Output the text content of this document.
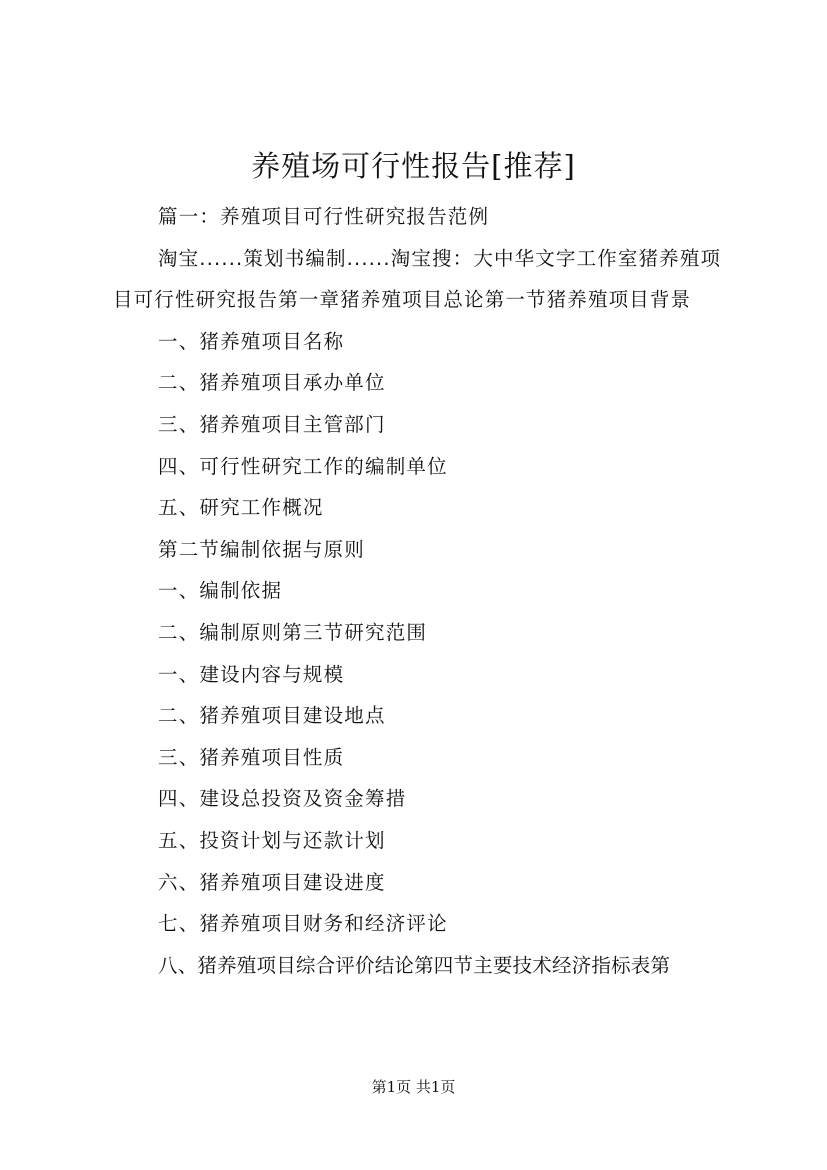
养殖场可行性报告[推荐]

篇一：养殖项目可行性研究报告范例

淘宝......策划书编制......淘宝搜：大中华文字工作室猪养殖项目可行性研究报告第一章猪养殖项目总论第一节猪养殖项目背景

一、猪养殖项目名称

二、猪养殖项目承办单位

三、猪养殖项目主管部门

四、可行性研究工作的编制单位

五、研究工作概况

第二节编制依据与原则

一、编制依据

二、编制原则第三节研究范围

一、建设内容与规模

二、猪养殖项目建设地点

三、猪养殖项目性质

四、建设总投资及资金筹措

五、投资计划与还款计划

六、猪养殖项目建设进度

七、猪养殖项目财务和经济评论

八、猪养殖项目综合评价结论第四节主要技术经济指标表第

第1页 共1页
